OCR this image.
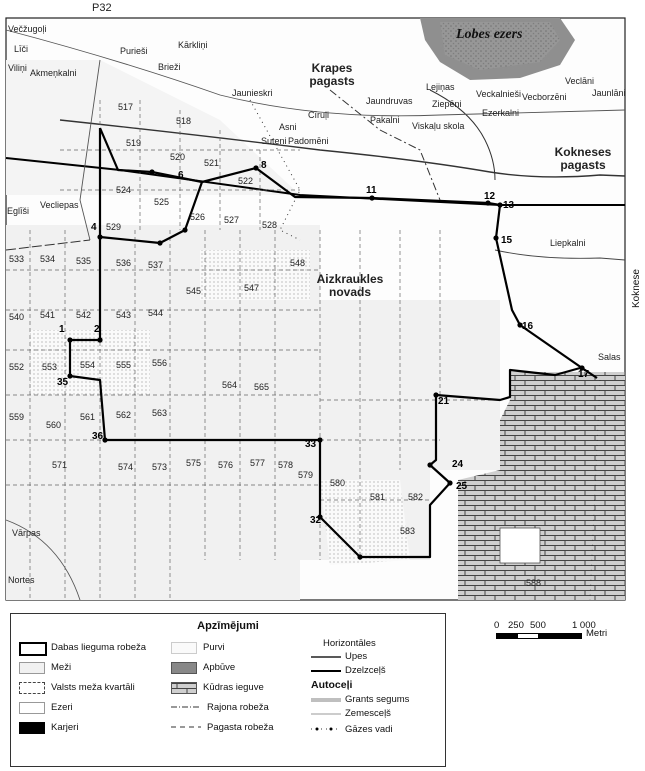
P32
Lobes ezers
Krapes pagasts
Kokneses pagasts
Aizkraukles novads	Koknese
Večžugoļi
Līči
Viliņi Akmeņkalni
Purieši
Kārkliņi
Brieži
Jaunieskri
Cīruļi
Asni
Suteni Padomēni
Jaundruvas
Pakalni
Viskaļu skola
Lejiņas
Ziepēni
Veckalnieši
Ezerkalni
Vecborzēni
Veclāni
Jaunlāni
Eglīši
Vecliepas
Liepkalni
Salas
Vārpas
Nortes
1	2
4
6
8
11
12
13
15
16
17
21
24
25
32
33
35
36
517
518
519
520
521
522
524
525
526 527	528
529
533 534 535	536 537
540 541 542	543 544
545	547
548
552 553	554 555 556
559
560
561 562 563
564 565
571	573
574	575 576 577 578
579
580
581	582
583
588
Apzīmējumi
Dabas lieguma robeža
Meži
Valsts meža kvartāli
Ezeri
Karjeri
Purvi
Apbūve
Kūdras ieguve
Rajona robeža
Pagasta robeža
Horizontāles
Upes
Dzelzceļš
Autoceļi
Grants segums
Zemesceļš
Gāzes vadi
0 250 500	1 000
Metri
